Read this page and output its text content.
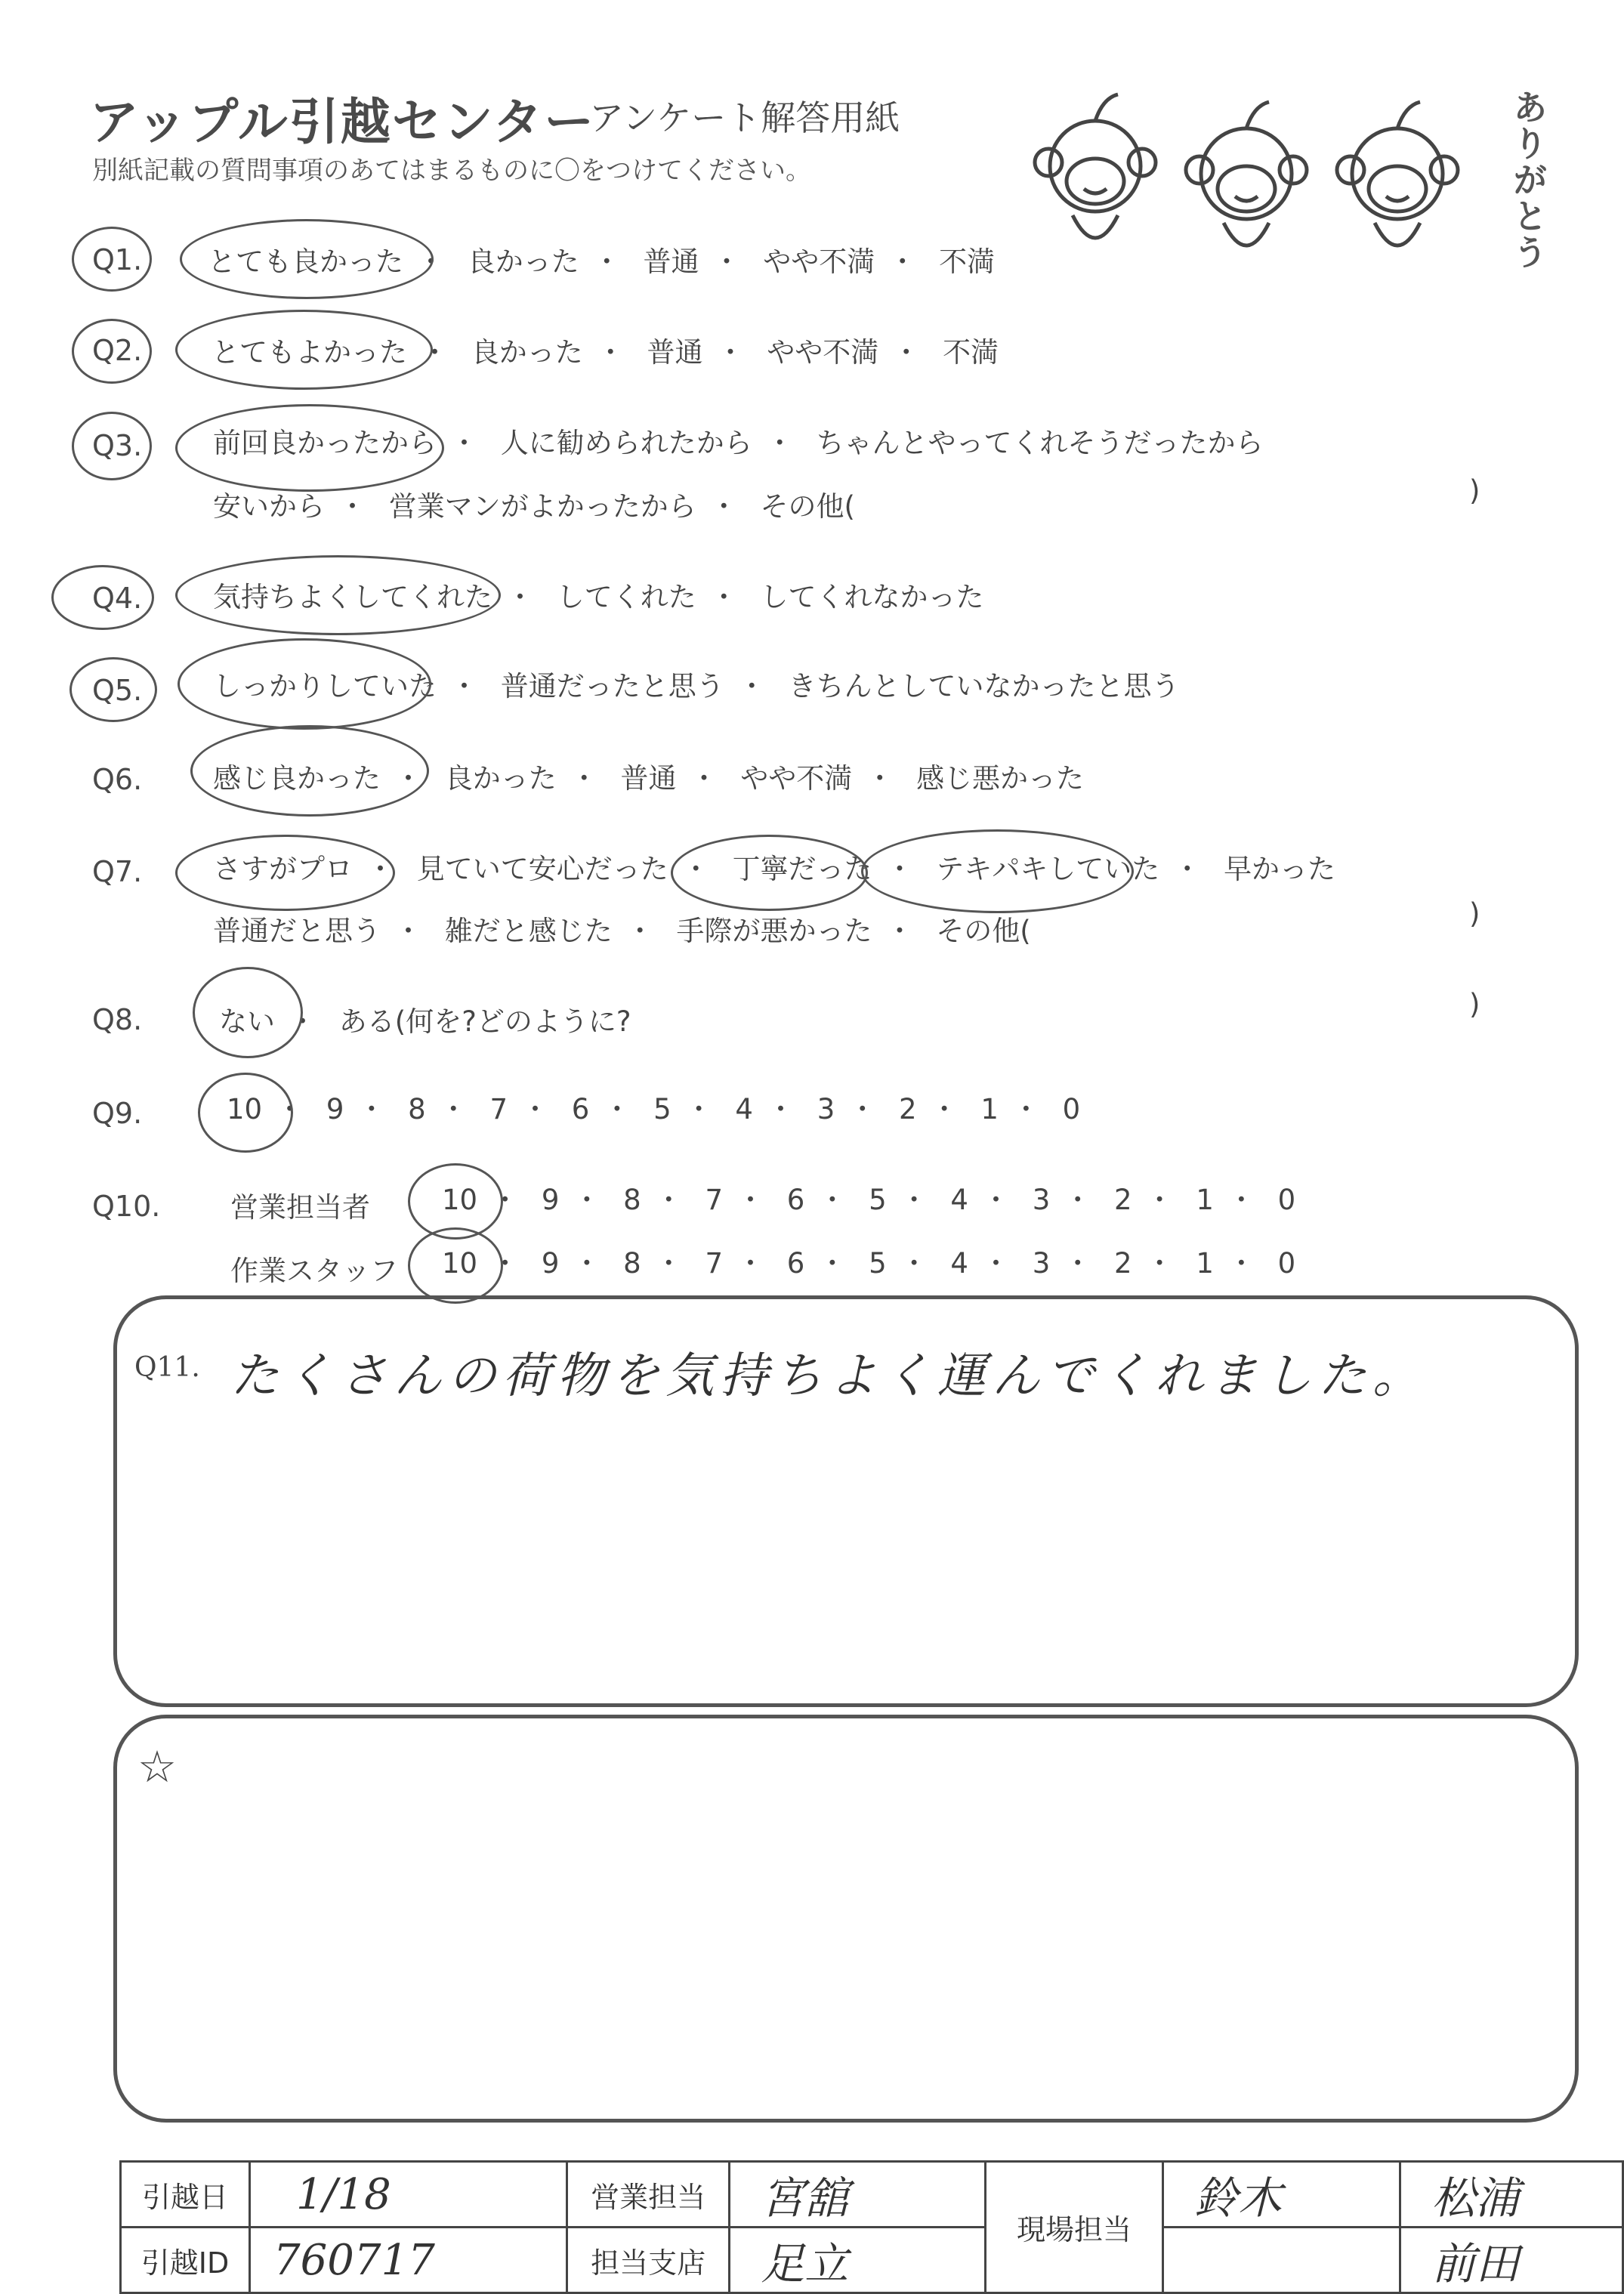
アップル引越センター
アンケート解答用紙
別紙記載の質問事項のあてはまるものに〇をつけてください。	ありがとう
Q1. とても良かった ・ 良かった ・ 普通 ・ やや不満 ・ 不満
Q2. とてもよかった ・ 良かった ・ 普通 ・ やや不満 ・ 不満
Q3.	前回良かったから ・ 人に勧められたから ・ ちゃんとやってくれそうだったから
安いから ・ 営業マンがよかったから ・ その他(	)
Q4.	気持ちよくしてくれた ・ してくれた ・ してくれなかった
Q5.	しっかりしていた ・ 普通だったと思う ・ きちんとしていなかったと思う
Q6.	感じ良かった ・ 良かった ・ 普通 ・ やや不満 ・ 感じ悪かった
Q7.	さすがプロ ・ 見ていて安心だった ・ 丁寧だった ・ テキパキしていた ・ 早かった
普通だと思う ・ 雑だと感じた ・ 手際が悪かった ・ その他(
)
Q8.	ない ・ ある(何を?どのように?
)
Q9.	10 ・ 9 ・ 8 ・ 7 ・ 6 ・ 5 ・ 4 ・ 3 ・ 2 ・ 1 ・ 0
Q10.	営業担当者	10 ・ 9 ・ 8 ・ 7 ・ 6 ・ 5 ・ 4 ・ 3 ・ 2 ・ 1 ・ 0
作業スタッフ 10 ・ 9 ・ 8 ・ 7 ・ 6 ・ 5 ・ 4 ・ 3 ・ 2 ・ 1 ・ 0
Q11. たくさんの荷物を気持ちよく運んでくれました。
☆
引越日	1/18	営業担当	宮舘	現場担当	鈴木	松浦
引越ID	760717	担当支店	足立			前田
